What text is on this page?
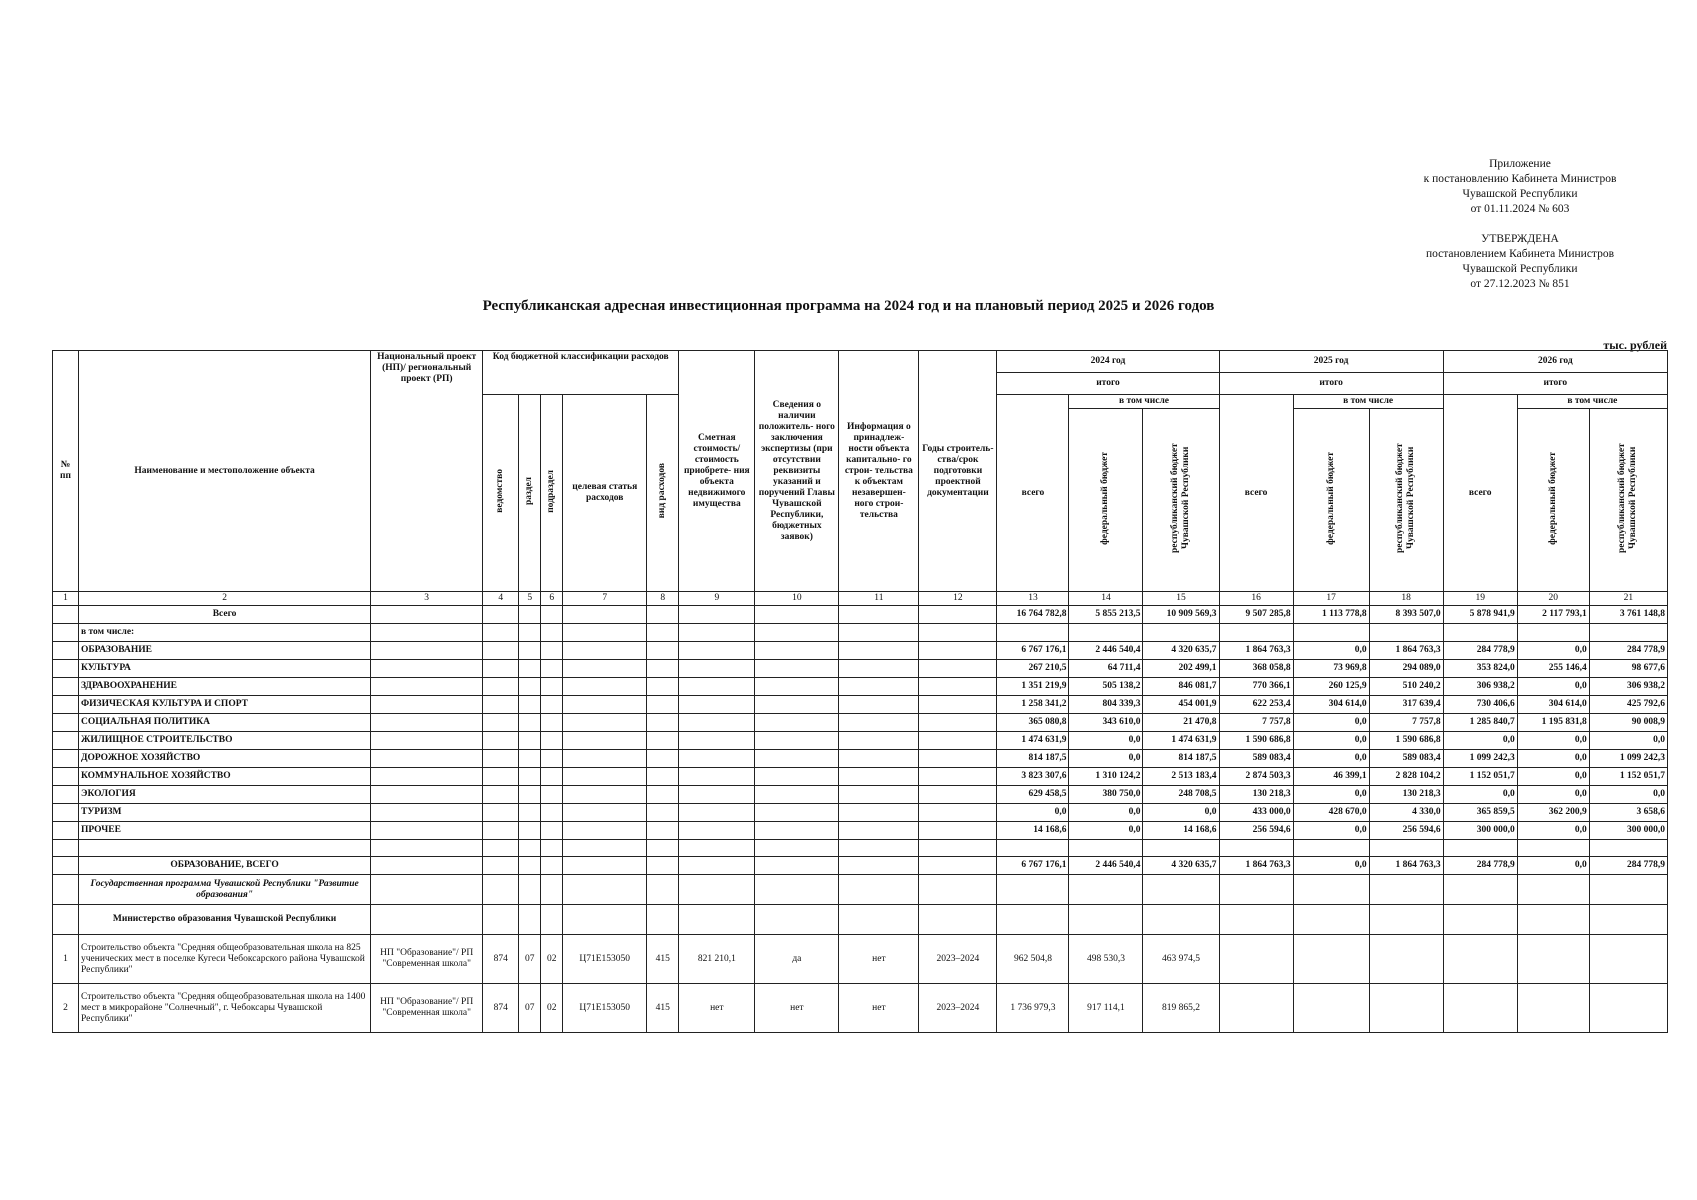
Приложение
к постановлению Кабинета Министров
Чувашской Республики
от 01.11.2024 № 603
УТВЕРЖДЕНА
постановлением Кабинета Министров
Чувашской Республики
от 27.12.2023 № 851
Республиканская адресная инвестиционная программа на 2024 год и на плановый период 2025 и 2026 годов
тыс. рублей
№ пп	Наименование и местоположение объекта	Национальный проект (НП)/ региональный проект (РП)	Код бюджетной классификации расходов					Сметная стоимость/ стоимость приобрете- ния объекта недвижимого имущества	Сведения о наличии положитель- ного заключения экспертизы (при отсутствии реквизиты указаний и поручений Главы Чувашской Республики, бюджетных заявок)	Информация о принадлеж- ности объекта капитально- го строи- тельства к объектам незавершен- ного строи- тельства	Годы строитель- ства/срок подготовки проектной документации	2024 год			2025 год			2026 год		
												итого			итого			итого		
			ведомство	раздел	подраздел	целевая статья расходов	вид расходов					всего	в том числе		всего	в том числе		всего	в том числе	
													федеральный бюджет	республиканский бюджет Чувашской Республики		федеральный бюджет	республиканский бюджет Чувашской Республики		федеральный бюджет	республиканский бюджет Чувашской Республики
1	2	3	4	5	6	7	8	9	10	11	12	13	14	15	16	17	18	19	20	21
	Всего											16 764 782,8	5 855 213,5	10 909 569,3	9 507 285,8	1 113 778,8	8 393 507,0	5 878 941,9	2 117 793,1	3 761 148,8
	в том числе:																			
	ОБРАЗОВАНИЕ											6 767 176,1	2 446 540,4	4 320 635,7	1 864 763,3	0,0	1 864 763,3	284 778,9	0,0	284 778,9
	КУЛЬТУРА											267 210,5	64 711,4	202 499,1	368 058,8	73 969,8	294 089,0	353 824,0	255 146,4	98 677,6
	ЗДРАВООХРАНЕНИЕ											1 351 219,9	505 138,2	846 081,7	770 366,1	260 125,9	510 240,2	306 938,2	0,0	306 938,2
	ФИЗИЧЕСКАЯ КУЛЬТУРА И СПОРТ											1 258 341,2	804 339,3	454 001,9	622 253,4	304 614,0	317 639,4	730 406,6	304 614,0	425 792,6
	СОЦИАЛЬНАЯ ПОЛИТИКА											365 080,8	343 610,0	21 470,8	7 757,8	0,0	7 757,8	1 285 840,7	1 195 831,8	90 008,9
	ЖИЛИЩНОЕ СТРОИТЕЛЬСТВО											1 474 631,9	0,0	1 474 631,9	1 590 686,8	0,0	1 590 686,8	0,0	0,0	0,0
	ДОРОЖНОЕ ХОЗЯЙСТВО											814 187,5	0,0	814 187,5	589 083,4	0,0	589 083,4	1 099 242,3	0,0	1 099 242,3
	КОММУНАЛЬНОЕ ХОЗЯЙСТВО											3 823 307,6	1 310 124,2	2 513 183,4	2 874 503,3	46 399,1	2 828 104,2	1 152 051,7	0,0	1 152 051,7
	ЭКОЛОГИЯ											629 458,5	380 750,0	248 708,5	130 218,3	0,0	130 218,3	0,0	0,0	0,0
	ТУРИЗМ											0,0	0,0	0,0	433 000,0	428 670,0	4 330,0	365 859,5	362 200,9	3 658,6
	ПРОЧЕЕ											14 168,6	0,0	14 168,6	256 594,6	0,0	256 594,6	300 000,0	0,0	300 000,0

	ОБРАЗОВАНИЕ, ВСЕГО											6 767 176,1	2 446 540,4	4 320 635,7	1 864 763,3	0,0	1 864 763,3	284 778,9	0,0	284 778,9
	Государственная программа Чувашской Республики "Развитие образования"																			
	Министерство образования Чувашской Республики																			
1	Строительство объекта "Средняя общеобразовательная школа на 825 ученических мест в поселке Кугеси Чебоксарского района Чувашской Республики"	НП "Образование"/ РП "Современная школа"	874	07	02	Ц71Е153050	415	821 210,1	да	нет	2023–2024	962 504,8	498 530,3	463 974,5						
2	Строительство объекта "Средняя общеобразовательная школа на 1400 мест в микрорайоне "Солнечный", г. Чебоксары Чувашской Республики"	НП "Образование"/ РП "Современная школа"	874	07	02	Ц71Е153050	415	нет	нет	нет	2023–2024	1 736 979,3	917 114,1	819 865,2						
